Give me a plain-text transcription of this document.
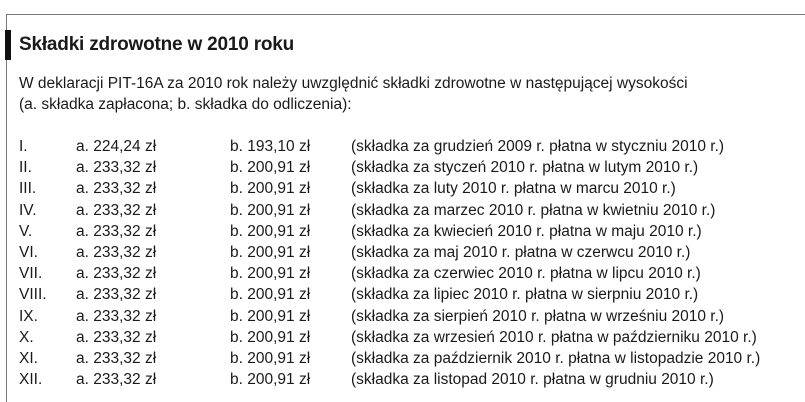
Składki zdrowotne w 2010 roku
W deklaracji PIT-16A za 2010 rok należy uwzględnić składki zdrowotne w następującej wysokości
(a. składka zapłacona; b. składka do odliczenia):
I.	a. 224,24 zł	b. 193,10 zł	(składka za grudzień 2009 r. płatna w styczniu 2010 r.)
II.	a. 233,32 zł	b. 200,91 zł	(składka za styczeń 2010 r. płatna w lutym 2010 r.)
III.	a. 233,32 zł	b. 200,91 zł	(składka za luty 2010 r. płatna w marcu 2010 r.)
IV.	a. 233,32 zł	b. 200,91 zł	(składka za marzec 2010 r. płatna w kwietniu 2010 r.)
V.	a. 233,32 zł	b. 200,91 zł	(składka za kwiecień 2010 r. płatna w maju 2010 r.)
VI. a. 233,32 zł	b. 200,91 zł	(składka za maj 2010 r. płatna w czerwcu 2010 r.)
VII. a. 233,32 zł	b. 200,91 zł	(składka za czerwiec 2010 r. płatna w lipcu 2010 r.)
VIII. a. 233,32 zł	b. 200,91 zł	(składka za lipiec 2010 r. płatna w sierpniu 2010 r.)
IX. a. 233,32 zł	b. 200,91 zł	(składka za sierpień 2010 r. płatna w wrześniu 2010 r.)
X.	a. 233,32 zł	b. 200,91 zł	(składka za wrzesień 2010 r. płatna w październiku 2010 r.)
XI. a. 233,32 zł	b. 200,91 zł	(składka za październik 2010 r. płatna w listopadzie 2010 r.)
XII. a. 233,32 zł	b. 200,91 zł	(składka za listopad 2010 r. płatna w grudniu 2010 r.)
